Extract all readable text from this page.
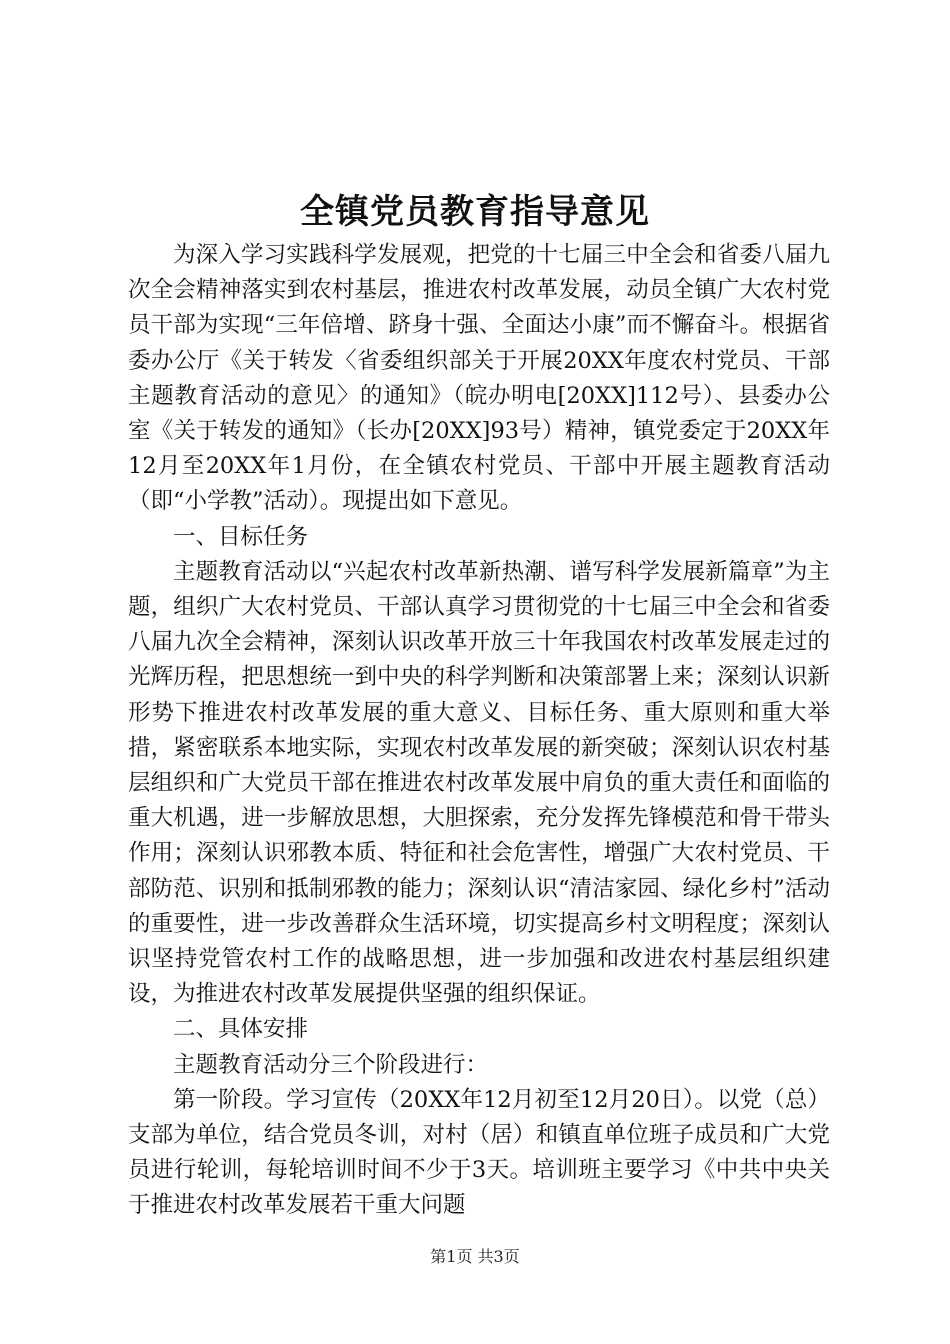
全镇党员教育指导意见

为深入学习实践科学发展观，把党的十七届三中全会和省委八届九次全会精神落实到农村基层，推进农村改革发展，动员全镇广大农村党员干部为实现“三年倍增、跻身十强、全面达小康”而不懈奋斗。根据省委办公厅《关于转发〈省委组织部关于开展20XX年度农村党员、干部主题教育活动的意见〉的通知》（皖办明电[20XX]112号）、县委办公室《关于转发的通知》（长办[20XX]93号）精神，镇党委定于20XX年12月至20XX年1月份，在全镇农村党员、干部中开展主题教育活动（即“小学教”活动）。现提出如下意见。

一、目标任务

主题教育活动以“兴起农村改革新热潮、谱写科学发展新篇章”为主题，组织广大农村党员、干部认真学习贯彻党的十七届三中全会和省委八届九次全会精神，深刻认识改革开放三十年我国农村改革发展走过的光辉历程，把思想统一到中央的科学判断和决策部署上来；深刻认识新形势下推进农村改革发展的重大意义、目标任务、重大原则和重大举措，紧密联系本地实际，实现农村改革发展的新突破；深刻认识农村基层组织和广大党员干部在推进农村改革发展中肩负的重大责任和面临的重大机遇，进一步解放思想，大胆探索，充分发挥先锋模范和骨干带头作用；深刻认识邪教本质、特征和社会危害性，增强广大农村党员、干部防范、识别和抵制邪教的能力；深刻认识“清洁家园、绿化乡村”活动的重要性，进一步改善群众生活环境，切实提高乡村文明程度；深刻认识坚持党管农村工作的战略思想，进一步加强和改进农村基层组织建设，为推进农村改革发展提供坚强的组织保证。

二、具体安排

主题教育活动分三个阶段进行：

第一阶段。学习宣传（20XX年12月初至12月20日）。以党（总）支部为单位，结合党员冬训，对村（居）和镇直单位班子成员和广大党员进行轮训，每轮培训时间不少于3天。培训班主要学习《中共中央关于推进农村改革发展若干重大问题

第1页 共3页
